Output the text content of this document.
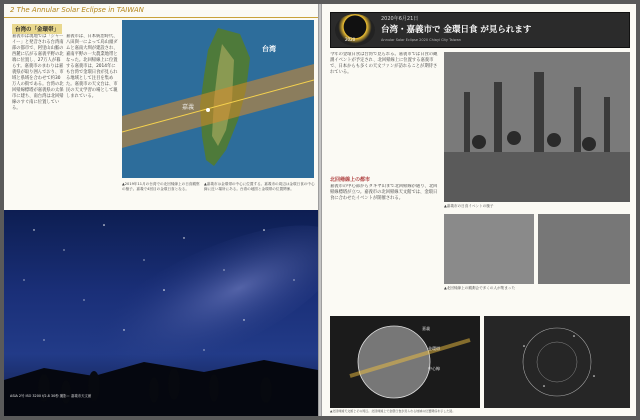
2 The Annular Solar Eclipse in TAIWAN
台湾の「金環帯」
嘉義市は現地では「ジャーイー」と発音される台湾南部の都市で、阿里山山脈の西麓に広がる嘉義平野の北端に位置し、27万人が暮らす。嘉義市のまわりは嘉義県が取り囲んでおり、市域と県域を合わせて約30万人の街である。台湾の北回帰線標塔が嘉義県の太保市に建ち、南台湾は北回帰線のすぐ南に位置している。
嘉義市は、日本統治時代、八田與一によって烏山頭ダムと嘉南大圳が建設され、嘉南平野の一大農業地帯となった。北回帰線上に位置する嘉義市は、2014年にも台湾で金環日食が見られる地域として注目を集めた。嘉義市の天文台は、市民の天文学習の場として親しまれている。
台湾
嘉義
▲2019年11月の台湾での北回帰線上の日食観察の様子。嘉義で4回目の金環日食となる。
▲嘉義市は金環帯の中心に位置する。嘉義市の周辺は金環日食の中心線に近い場所にある。台湾の地図と金環帯の位置関係。
ASIA 2号 ISO 3200 f/2.8 30秒 撮影＝ 嘉義市天文館
2020
2020年6月21日
台湾・嘉義市で 金環日食 が見られます
Annular Solar Eclipse 2020 Chiayi City Taiwan
今年の金環日食は台湾で見られる。嘉義市では日食の観測イベントが予定され、北回帰線上に位置する嘉義市で、日本からも多くの天文ファンが訪れることが期待されている。
北回帰線上の都市
嘉義市の中心部からタキヤ山まで北回帰線が通り、北回帰線標塔が立つ。嘉義市の北回帰線天文館では、金環日食に合わせたイベントが開催される。
▲嘉義市の日食イベントの様子
▲北回帰線上の観測会で多くの人が集まった
嘉義
金環帯
中心線
▲北回帰線天文館とその周辺。北回帰線上で金環日食が見られる地域の位置関係を示した図。
